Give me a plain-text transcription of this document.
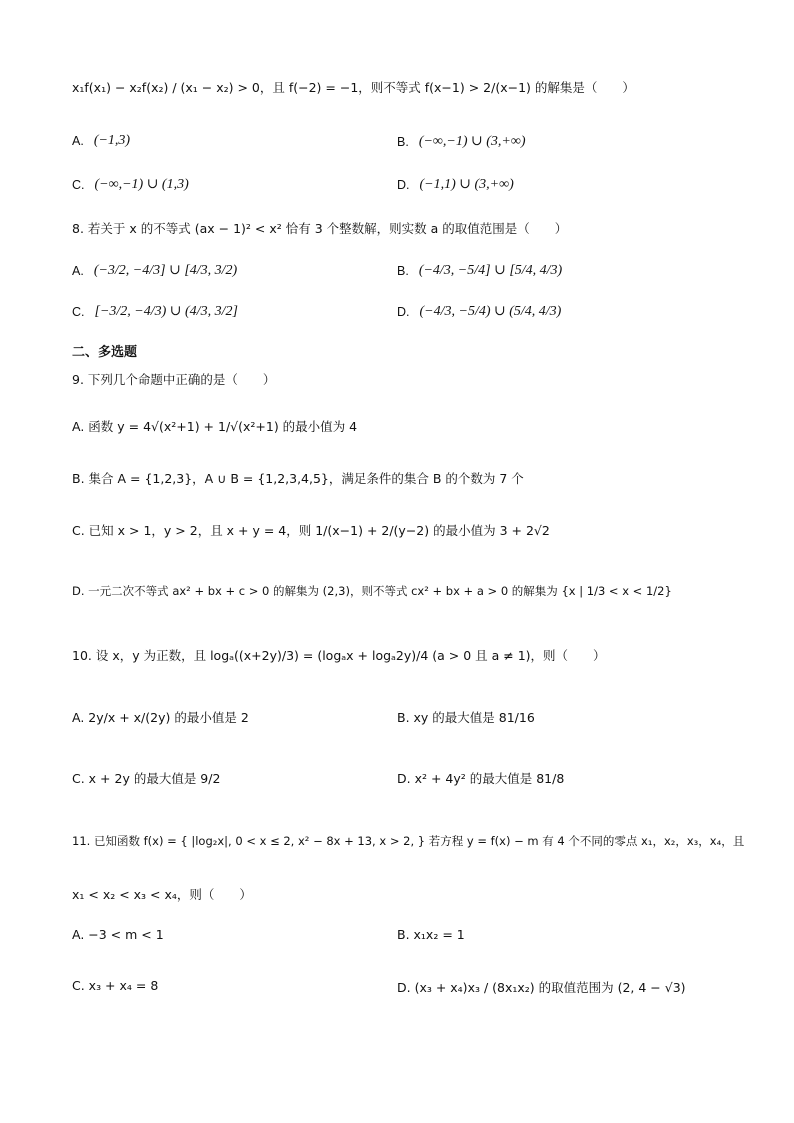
x₁f(x₁) − x₂f(x₂) / (x₁ − x₂) > 0，且 f(−2) = −1，则不等式 f(x−1) > 2/(x−1) 的解集是（　　）
A. (−1,3)	B. (−∞,−1) ∪ (3,+∞)
C. (−∞,−1) ∪ (1,3)	D. (−1,1) ∪ (3,+∞)
8. 若关于 x 的不等式 (ax − 1)² < x² 恰有 3 个整数解，则实数 a 的取值范围是（　　）
A. (−3/2, −4/3] ∪ [4/3, 3/2)	B. (−4/3, −5/4] ∪ [5/4, 4/3)
C. [−3/2, −4/3) ∪ (4/3, 3/2]	D. (−4/3, −5/4) ∪ (5/4, 4/3)
二、多选题
9. 下列几个命题中正确的是（　　）
A. 函数 y = 4√(x²+1) + 1/√(x²+1) 的最小值为 4
B. 集合 A = {1,2,3}，A ∪ B = {1,2,3,4,5}，满足条件的集合 B 的个数为 7 个
C. 已知 x > 1，y > 2，且 x + y = 4，则 1/(x−1) + 2/(y−2) 的最小值为 3 + 2√2
D. 一元二次不等式 ax² + bx + c > 0 的解集为 (2,3)，则不等式 cx² + bx + a > 0 的解集为 {x | 1/3 < x < 1/2}
10. 设 x，y 为正数，且 logₐ((x+2y)/3) = (logₐx + logₐ2y)/4 (a > 0 且 a ≠ 1)，则（　　）
A. 2y/x + x/(2y) 的最小值是 2	B. xy 的最大值是 81/16
C. x + 2y 的最大值是 9/2	D. x² + 4y² 的最大值是 81/8
11. 已知函数 f(x) = { |log₂x|, 0 < x ≤ 2, x² − 8x + 13, x > 2, } 若方程 y = f(x) − m 有 4 个不同的零点 x₁，x₂，x₃，x₄，且
x₁ < x₂ < x₃ < x₄，则（　　）
A. −3 < m < 1	B. x₁x₂ = 1
C. x₃ + x₄ = 8	D. (x₃ + x₄)x₃ / (8x₁x₂) 的取值范围为 (2, 4 − √3)
